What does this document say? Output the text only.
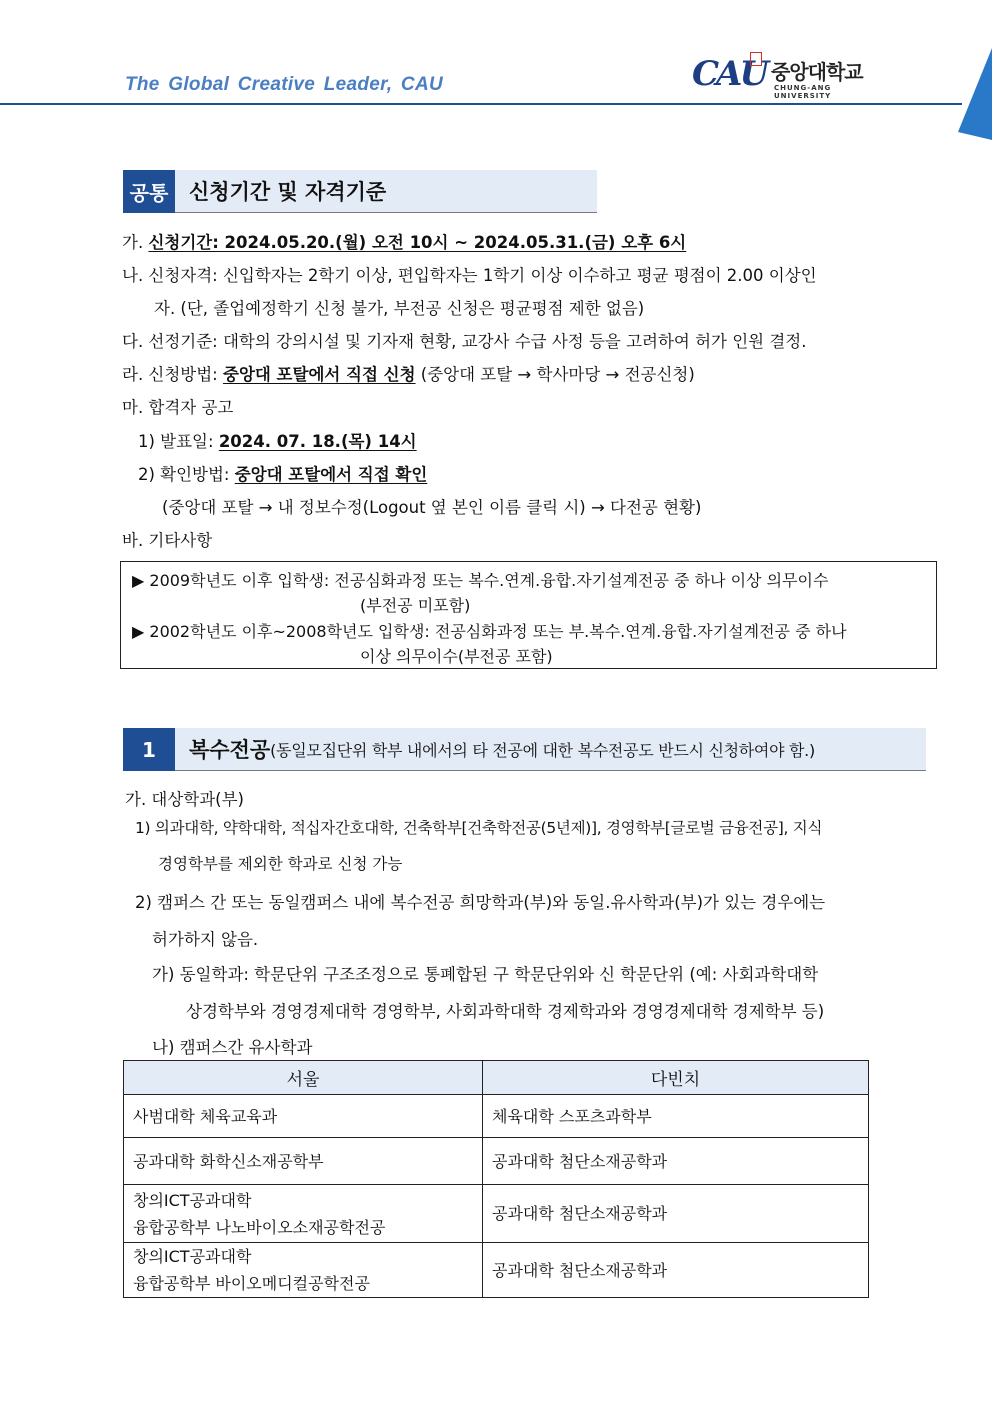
The Global Creative Leader, CAU	CAU 중앙대학교
CHUNG-ANG UNIVERSITY
공통 신청기간 및 자격기준
가. 신청기간: 2024.05.20.(월) 오전 10시 ~ 2024.05.31.(금) 오후 6시
나. 신청자격: 신입학자는 2학기 이상, 편입학자는 1학기 이상 이수하고 평균 평점이 2.00 이상인
자. (단, 졸업예정학기 신청 불가, 부전공 신청은 평균평점 제한 없음)
다. 선정기준: 대학의 강의시설 및 기자재 현황, 교강사 수급 사정 등을 고려하여 허가 인원 결정.
라. 신청방법: 중앙대 포탈에서 직접 신청 (중앙대 포탈 → 학사마당 → 전공신청)
마. 합격자 공고
1) 발표일: 2024. 07. 18.(목) 14시
2) 확인방법: 중앙대 포탈에서 직접 확인
(중앙대 포탈 → 내 정보수정(Logout 옆 본인 이름 클릭 시) → 다전공 현황)
바. 기타사항
▶ 2009학년도 이후 입학생: 전공심화과정 또는 복수.연계.융합.자기설계전공 중 하나 이상 의무이수
(부전공 미포함)
▶ 2002학년도 이후~2008학년도 입학생: 전공심화과정 또는 부.복수.연계.융합.자기설계전공 중 하나
이상 의무이수(부전공 포함)
1	복수전공 (동일모집단위 학부 내에서의 타 전공에 대한 복수전공도 반드시 신청하여야 함.)
가. 대상학과(부)
1) 의과대학, 약학대학, 적십자간호대학, 건축학부[건축학전공(5년제)], 경영학부[글로벌 금융전공], 지식
경영학부를 제외한 학과로 신청 가능
2) 캠퍼스 간 또는 동일캠퍼스 내에 복수전공 희망학과(부)와 동일.유사학과(부)가 있는 경우에는
허가하지 않음.
가) 동일학과: 학문단위 구조조정으로 통폐합된 구 학문단위와 신 학문단위 (예: 사회과학대학
상경학부와 경영경제대학 경영학부, 사회과학대학 경제학과와 경영경제대학 경제학부 등)
나) 캠퍼스간 유사학과
서울	다빈치
사범대학 체육교육과	체육대학 스포츠과학부
공과대학 화학신소재공학부	공과대학 첨단소재공학과
창의ICT공과대학
융합공학부 나노바이오소재공학전공	공과대학 첨단소재공학과
창의ICT공과대학
융합공학부 바이오메디컬공학전공	공과대학 첨단소재공학과
